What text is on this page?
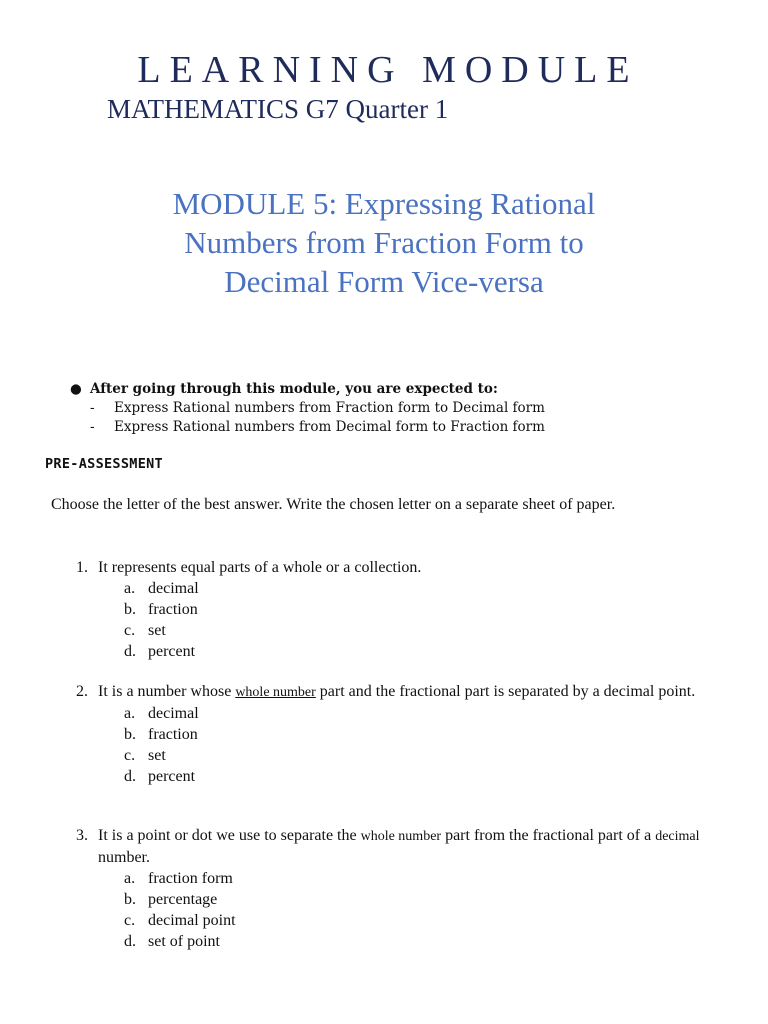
LEARNING MODULE
MATHEMATICS G7 Quarter 1
MODULE 5: Expressing Rational
Numbers from Fraction Form to
Decimal Form Vice-versa
● After going through this module, you are expected to:
- Express Rational numbers from Fraction form to Decimal form
- Express Rational numbers from Decimal form to Fraction form
PRE-ASSESSMENT
Choose the letter of the best answer. Write the chosen letter on a separate sheet of paper.
1. It represents equal parts of a whole or a collection.
a. decimal
b. fraction
c. set
d. percent
2. It is a number whose whole number part and the fractional part is separated by a decimal point.
a. decimal
b. fraction
c. set
d. percent
3. It is a point or dot we use to separate the whole number part from the fractional part of a decimal number.
a. fraction form
b. percentage
c. decimal point
d. set of point
